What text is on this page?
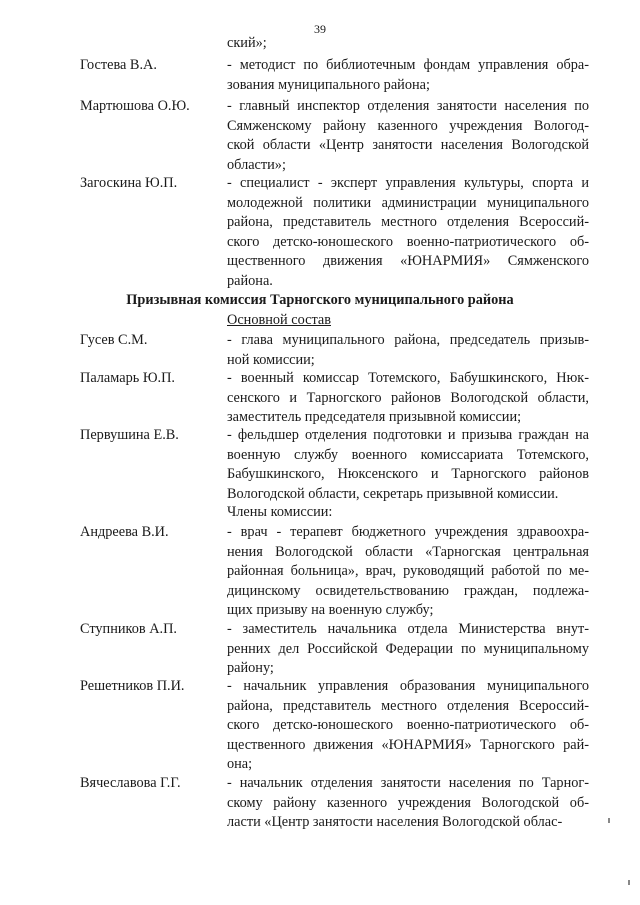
39
ский»;
Гостева В.А.	- методист по библиотечным фондам управления обра-
зования муниципального района;
Мартюшова О.Ю.	- главный инспектор отделения занятости населения по
Сямженскому району казенного учреждения Вологод-
ской области «Центр занятости населения Вологодской
области»;
Загоскина Ю.П.	- специалист - эксперт управления культуры, спорта и
молодежной политики администрации муниципального
района, представитель местного отделения Всероссий-
ского детско-юношеского военно-патриотического об-
щественного движения «ЮНАРМИЯ» Сямженского
района.
Призывная комиссия Тарногского муниципального района
Основной состав
Гусев С.М.	- глава муниципального района, председатель призыв-
ной комиссии;
Паламарь Ю.П.	- военный комиссар Тотемского, Бабушкинского, Нюк-
сенского и Тарногского районов Вологодской области,
заместитель председателя призывной комиссии;
Первушина Е.В.	- фельдшер отделения подготовки и призыва граждан на
военную службу военного комиссариата Тотемского,
Бабушкинского, Нюксенского и Тарногского районов
Вологодской области, секретарь призывной комиссии.
Члены комиссии:
Андреева В.И.	- врач - терапевт бюджетного учреждения здравоохра-
нения Вологодской области «Тарногская центральная
районная больница», врач, руководящий работой по ме-
дицинскому освидетельствованию граждан, подлежа-
щих призыву на военную службу;
Ступников А.П.	- заместитель начальника отдела Министерства внут-
ренних дел Российской Федерации по муниципальному
району;
Решетников П.И.	- начальник управления образования муниципального
района, представитель местного отделения Всероссий-
ского детско-юношеского военно-патриотического об-
щественного движения «ЮНАРМИЯ» Тарногского рай-
она;
Вячеславова Г.Г.	- начальник отделения занятости населения по Тарног-
скому району казенного учреждения Вологодской об-
ласти «Центр занятости населения Вологодской облас-
